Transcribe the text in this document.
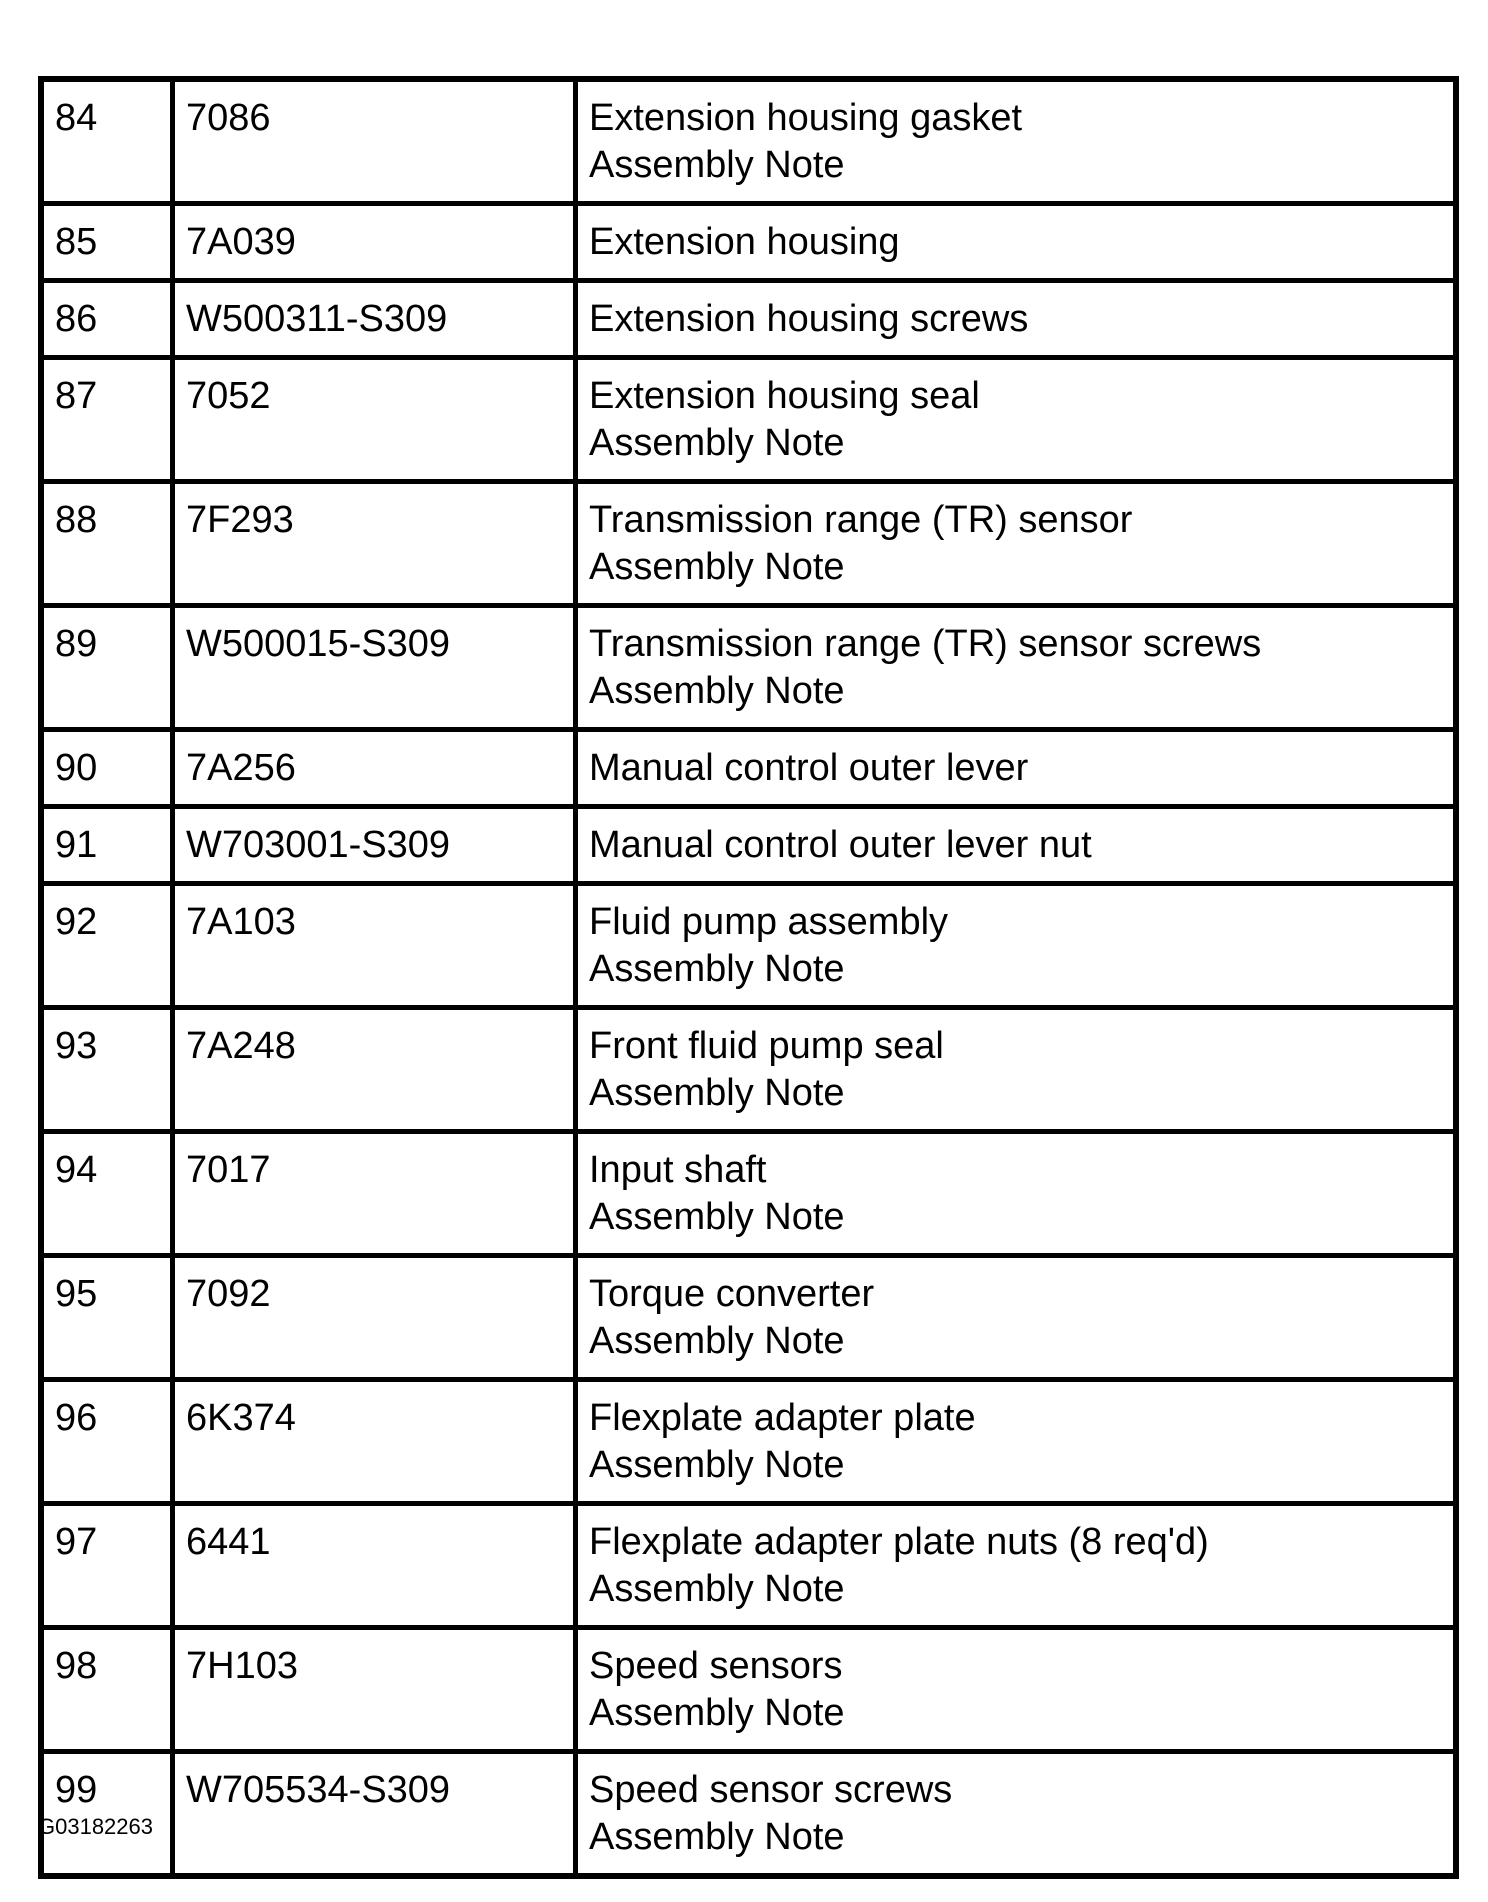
84	7086	Extension housing gasket
Assembly Note

85	7A039	Extension housing

86	W500311-S309	Extension housing screws

87	7052	Extension housing seal
Assembly Note

88	7F293	Transmission range (TR) sensor
Assembly Note

89	W500015-S309	Transmission range (TR) sensor screws
Assembly Note

90	7A256	Manual control outer lever

91	W703001-S309	Manual control outer lever nut

92	7A103	Fluid pump assembly
Assembly Note

93	7A248	Front fluid pump seal
Assembly Note

94	7017	Input shaft
Assembly Note

95	7092	Torque converter
Assembly Note

96	6K374	Flexplate adapter plate
Assembly Note

97	6441	Flexplate adapter plate nuts (8 req'd)
Assembly Note

98	7H103	Speed sensors
Assembly Note

99	W705534-S309	Speed sensor screws
Assembly Note
G03182263
